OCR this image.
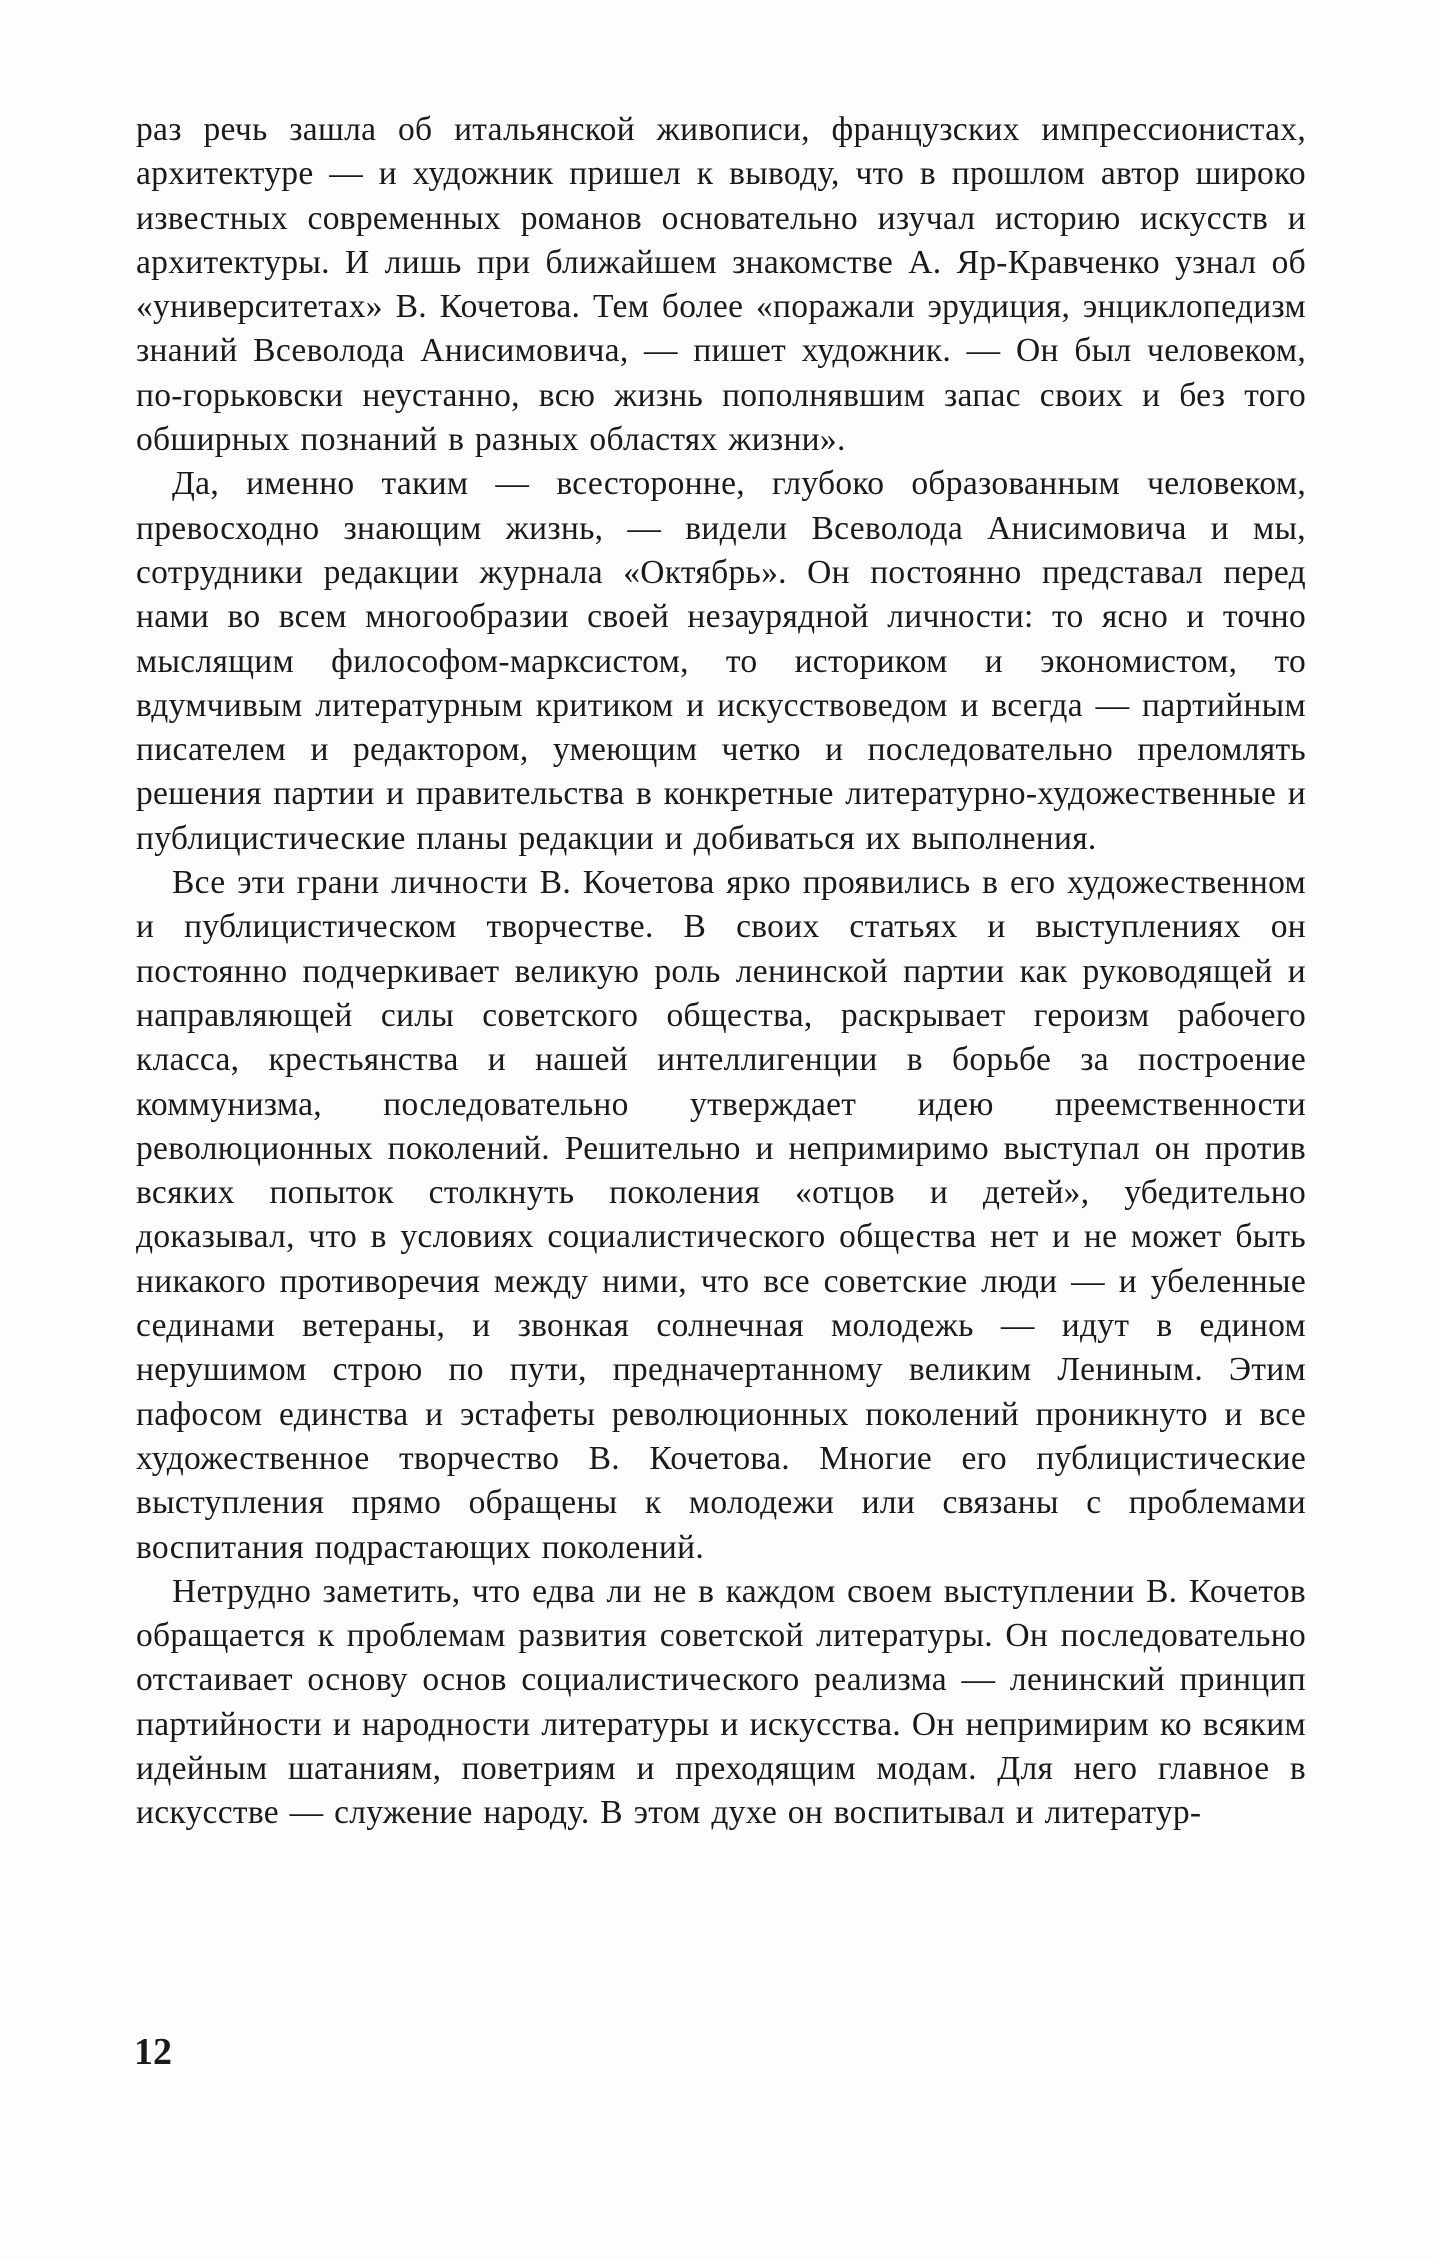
раз речь зашла об итальянской живописи, французских импрессионистах, архитектуре — и художник пришел к выводу, что в прошлом автор широко известных современных романов основательно изучал историю искусств и архитектуры. И лишь при ближайшем знакомстве А. Яр-Кравченко узнал об «университетах» В. Кочетова. Тем более «поражали эрудиция, энциклопедизм знаний Всеволода Анисимовича, — пишет художник. — Он был человеком, по-горьковски неустанно, всю жизнь пополнявшим запас своих и без того обширных познаний в разных областях жизни».

Да, именно таким — всесторонне, глубоко образованным человеком, превосходно знающим жизнь, — видели Всеволода Анисимовича и мы, сотрудники редакции журнала «Октябрь». Он постоянно представал перед нами во всем многообразии своей незаурядной личности: то ясно и точно мыслящим философом-марксистом, то историком и экономистом, то вдумчивым литературным критиком и искусствоведом и всегда — партийным писателем и редактором, умеющим четко и последовательно преломлять решения партии и правительства в конкретные литературно-художественные и публицистические планы редакции и добиваться их выполнения.

Все эти грани личности В. Кочетова ярко проявились в его художественном и публицистическом творчестве. В своих статьях и выступлениях он постоянно подчеркивает великую роль ленинской партии как руководящей и направляющей силы советского общества, раскрывает героизм рабочего класса, крестьянства и нашей интеллигенции в борьбе за построение коммунизма, последовательно утверждает идею преемственности революционных поколений. Решительно и непримиримо выступал он против всяких попыток столкнуть поколения «отцов и детей», убедительно доказывал, что в условиях социалистического общества нет и не может быть никакого противоречия между ними, что все советские люди — и убеленные сединами ветераны, и звонкая солнечная молодежь — идут в едином нерушимом строю по пути, предначертанному великим Лениным. Этим пафосом единства и эстафеты революционных поколений проникнуто и все художественное творчество В. Кочетова. Многие его публицистические выступления прямо обращены к молодежи или связаны с проблемами воспитания подрастающих поколений.

Нетрудно заметить, что едва ли не в каждом своем выступлении В. Кочетов обращается к проблемам развития советской литературы. Он последовательно отстаивает основу основ социалистического реализма — ленинский принцип партийности и народности литературы и искусства. Он непримирим ко всяким идейным шатаниям, поветриям и преходящим модам. Для него главное в искусстве — служение народу. В этом духе он воспитывал и литератур-

12
